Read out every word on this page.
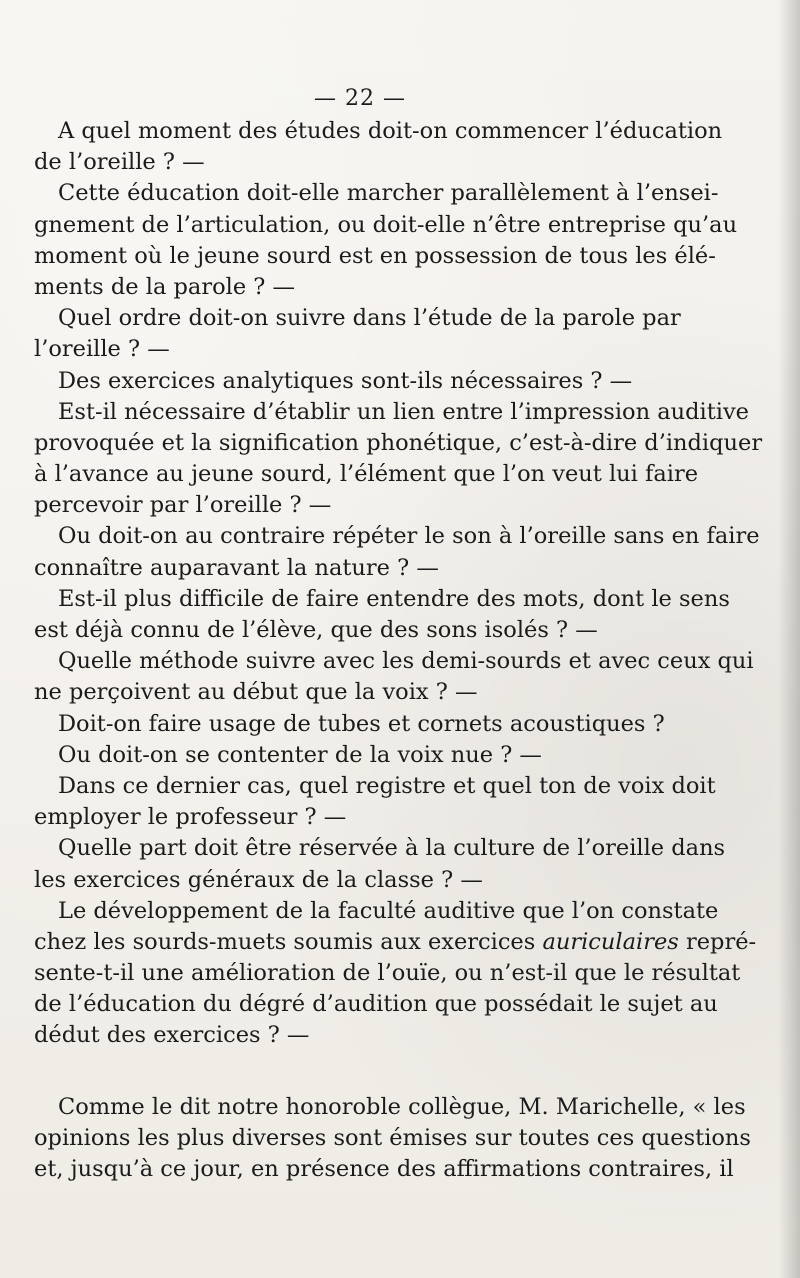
— 22 —
A quel moment des études doit-on commencer l’éducation
de l’oreille ? —
Cette éducation doit-elle marcher parallèlement à l’ensei-
gnement de l’articulation, ou doit-elle n’être entreprise qu’au
moment où le jeune sourd est en possession de tous les élé-
ments de la parole ? —
Quel ordre doit-on suivre dans l’étude de la parole par
l’oreille ? —
Des exercices analytiques sont-ils nécessaires ? —
Est-il nécessaire d’établir un lien entre l’impression auditive
provoquée et la signification phonétique, c’est-à-dire d’indiquer
à l’avance au jeune sourd, l’élément que l’on veut lui faire
percevoir par l’oreille ? —
Ou doit-on au contraire répéter le son à l’oreille sans en faire
connaître auparavant la nature ? —
Est-il plus difficile de faire entendre des mots, dont le sens
est déjà connu de l’élève, que des sons isolés ? —
Quelle méthode suivre avec les demi-sourds et avec ceux qui
ne perçoivent au début que la voix ? —
Doit-on faire usage de tubes et cornets acoustiques ?
Ou doit-on se contenter de la voix nue ? —
Dans ce dernier cas, quel registre et quel ton de voix doit
employer le professeur ? —
Quelle part doit être réservée à la culture de l’oreille dans
les exercices généraux de la classe ? —
Le développement de la faculté auditive que l’on constate
chez les sourds-muets soumis aux exercices auriculaires repré-
sente-t-il une amélioration de l’ouïe, ou n’est-il que le résultat
de l’éducation du dégré d’audition que possédait le sujet au
dédut des exercices ? —
Comme le dit notre honoroble collègue, M. Marichelle, « les
opinions les plus diverses sont émises sur toutes ces questions
et, jusqu’à ce jour, en présence des affirmations contraires, il
